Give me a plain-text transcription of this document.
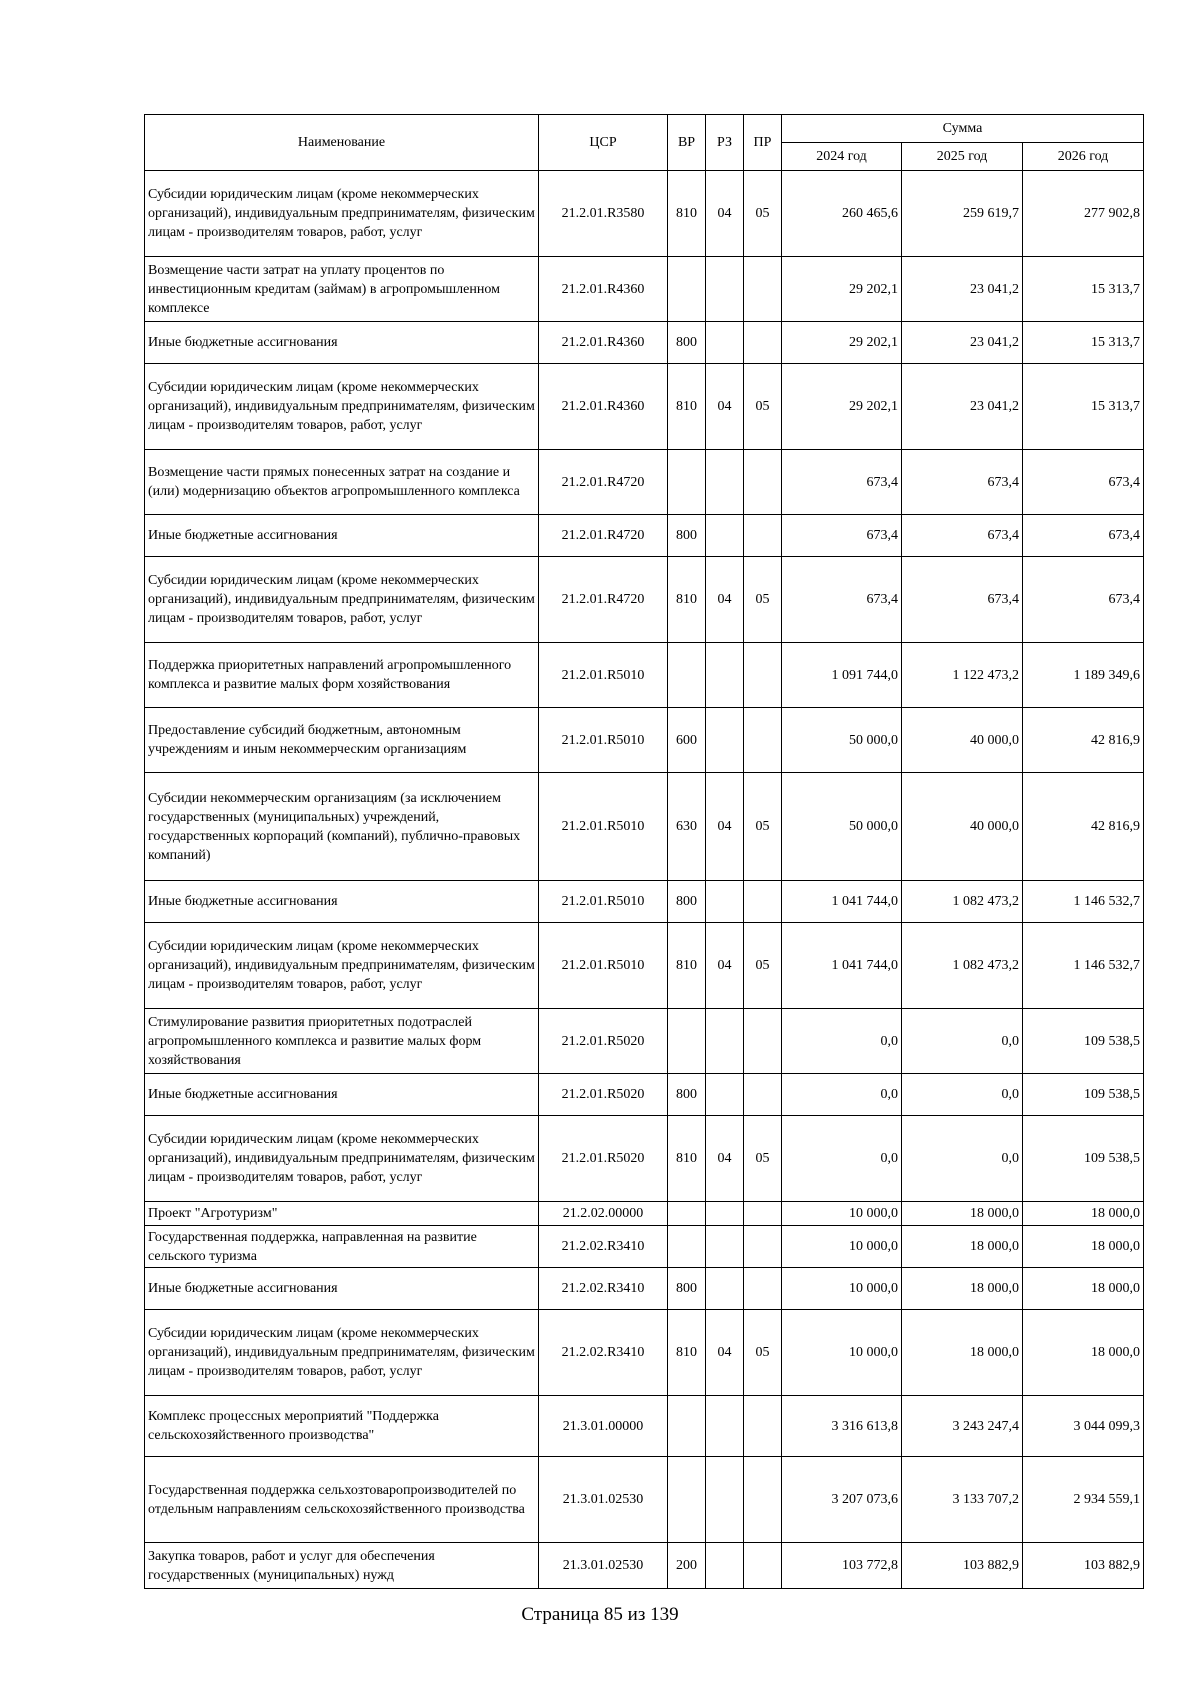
Наименование	ЦСР	ВР	РЗ	ПР	Сумма		
					2024 год	2025 год	2026 год
Субсидии юридическим лицам (кроме некоммерческих организаций), индивидуальным предпринимателям, физическим лицам - производителям товаров, работ, услуг	21.2.01.R3580	810	04	05	260 465,6	259 619,7	277 902,8
Возмещение части затрат на уплату процентов по инвестиционным кредитам (займам) в агропромышленном комплексе	21.2.01.R4360				29 202,1	23 041,2	15 313,7
Иные бюджетные ассигнования	21.2.01.R4360	800			29 202,1	23 041,2	15 313,7
Субсидии юридическим лицам (кроме некоммерческих организаций), индивидуальным предпринимателям, физическим лицам - производителям товаров, работ, услуг	21.2.01.R4360	810	04	05	29 202,1	23 041,2	15 313,7
Возмещение части прямых понесенных затрат на создание и (или) модернизацию объектов агропромышленного комплекса	21.2.01.R4720				673,4	673,4	673,4
Иные бюджетные ассигнования	21.2.01.R4720	800			673,4	673,4	673,4
Субсидии юридическим лицам (кроме некоммерческих организаций), индивидуальным предпринимателям, физическим лицам - производителям товаров, работ, услуг	21.2.01.R4720	810	04	05	673,4	673,4	673,4
Поддержка приоритетных направлений агропромышленного комплекса и развитие малых форм хозяйствования	21.2.01.R5010				1 091 744,0	1 122 473,2	1 189 349,6
Предоставление субсидий бюджетным, автономным учреждениям и иным некоммерческим организациям	21.2.01.R5010	600			50 000,0	40 000,0	42 816,9
Субсидии некоммерческим организациям (за исключением государственных (муниципальных) учреждений, государственных корпораций (компаний), публично-правовых компаний)	21.2.01.R5010	630	04	05	50 000,0	40 000,0	42 816,9
Иные бюджетные ассигнования	21.2.01.R5010	800			1 041 744,0	1 082 473,2	1 146 532,7
Субсидии юридическим лицам (кроме некоммерческих организаций), индивидуальным предпринимателям, физическим лицам - производителям товаров, работ, услуг	21.2.01.R5010	810	04	05	1 041 744,0	1 082 473,2	1 146 532,7
Стимулирование развития приоритетных подотраслей агропромышленного комплекса и развитие малых форм хозяйствования	21.2.01.R5020				0,0	0,0	109 538,5
Иные бюджетные ассигнования	21.2.01.R5020	800			0,0	0,0	109 538,5
Субсидии юридическим лицам (кроме некоммерческих организаций), индивидуальным предпринимателям, физическим лицам - производителям товаров, работ, услуг	21.2.01.R5020	810	04	05	0,0	0,0	109 538,5
Проект "Агротуризм"	21.2.02.00000				10 000,0	18 000,0	18 000,0
Государственная поддержка, направленная на развитие сельского туризма	21.2.02.R3410				10 000,0	18 000,0	18 000,0
Иные бюджетные ассигнования	21.2.02.R3410	800			10 000,0	18 000,0	18 000,0
Субсидии юридическим лицам (кроме некоммерческих организаций), индивидуальным предпринимателям, физическим лицам - производителям товаров, работ, услуг	21.2.02.R3410	810	04	05	10 000,0	18 000,0	18 000,0
Комплекс процессных мероприятий "Поддержка сельскохозяйственного производства"	21.3.01.00000				3 316 613,8	3 243 247,4	3 044 099,3
Государственная поддержка сельхозтоваропроизводителей по отдельным направлениям сельскохозяйственного производства	21.3.01.02530				3 207 073,6	3 133 707,2	2 934 559,1
Закупка товаров, работ и услуг для обеспечения государственных (муниципальных) нужд	21.3.01.02530	200			103 772,8	103 882,9	103 882,9
Страница 85 из 139
